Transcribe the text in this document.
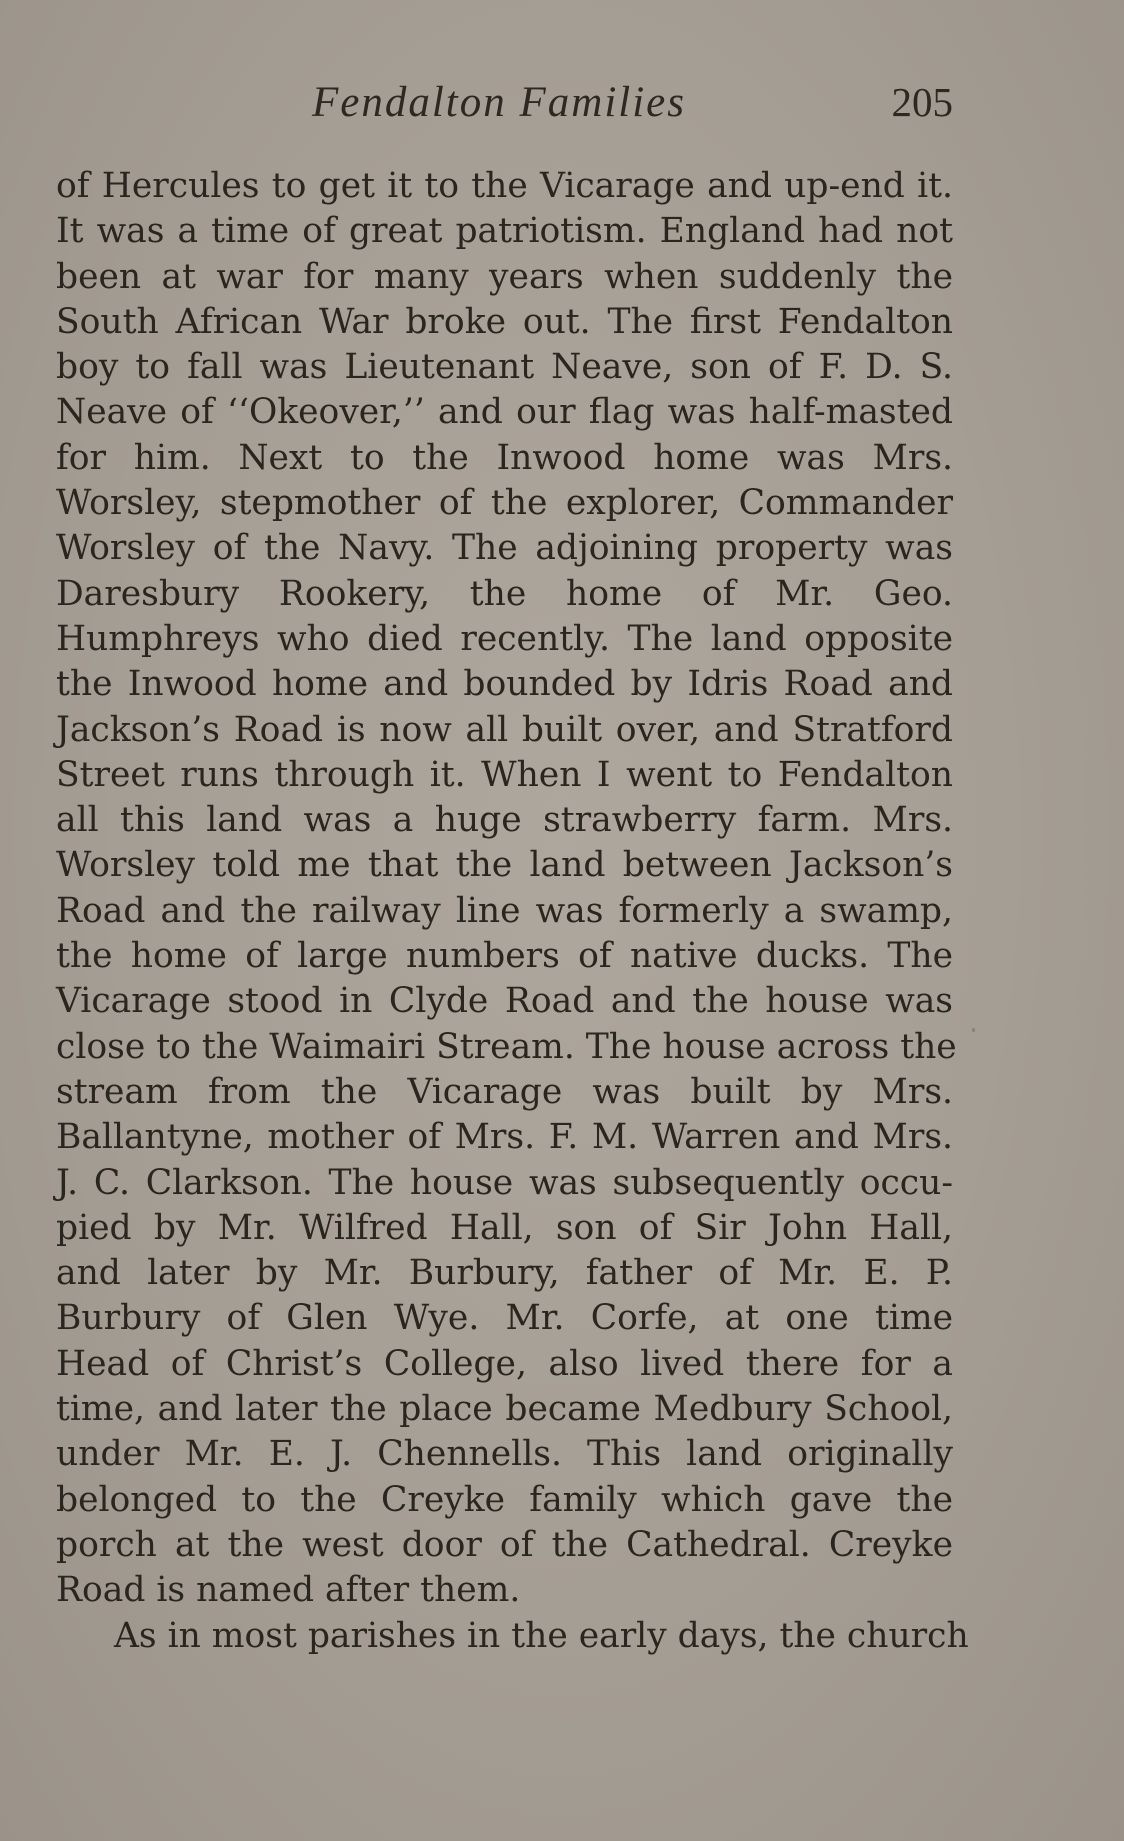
Fendalton Families	205
of Hercules to get it to the Vicarage and up-end it.
It was a time of great patriotism. England had not
been at war for many years when suddenly the
South African War broke out. The first Fendalton
boy to fall was Lieutenant Neave, son of F. D. S.
Neave of ‘‘Okeover,’’ and our flag was half-masted
for him. Next to the Inwood home was Mrs.
Worsley, stepmother of the explorer, Commander
Worsley of the Navy. The adjoining property was
Daresbury Rookery, the home of Mr. Geo.
Humphreys who died recently. The land opposite
the Inwood home and bounded by Idris Road and
Jackson’s Road is now all built over, and Stratford
Street runs through it. When I went to Fendalton
all this land was a huge strawberry farm. Mrs.
Worsley told me that the land between Jackson’s
Road and the railway line was formerly a swamp,
the home of large numbers of native ducks. The
Vicarage stood in Clyde Road and the house was
close to the Waimairi Stream. The house across the
stream from the Vicarage was built by Mrs.
Ballantyne, mother of Mrs. F. M. Warren and Mrs.
J. C. Clarkson. The house was subsequently occu-
pied by Mr. Wilfred Hall, son of Sir John Hall,
and later by Mr. Burbury, father of Mr. E. P.
Burbury of Glen Wye. Mr. Corfe, at one time
Head of Christ’s College, also lived there for a
time, and later the place became Medbury School,
under Mr. E. J. Chennells. This land originally
belonged to the Creyke family which gave the
porch at the west door of the Cathedral. Creyke
Road is named after them.
As in most parishes in the early days, the church
